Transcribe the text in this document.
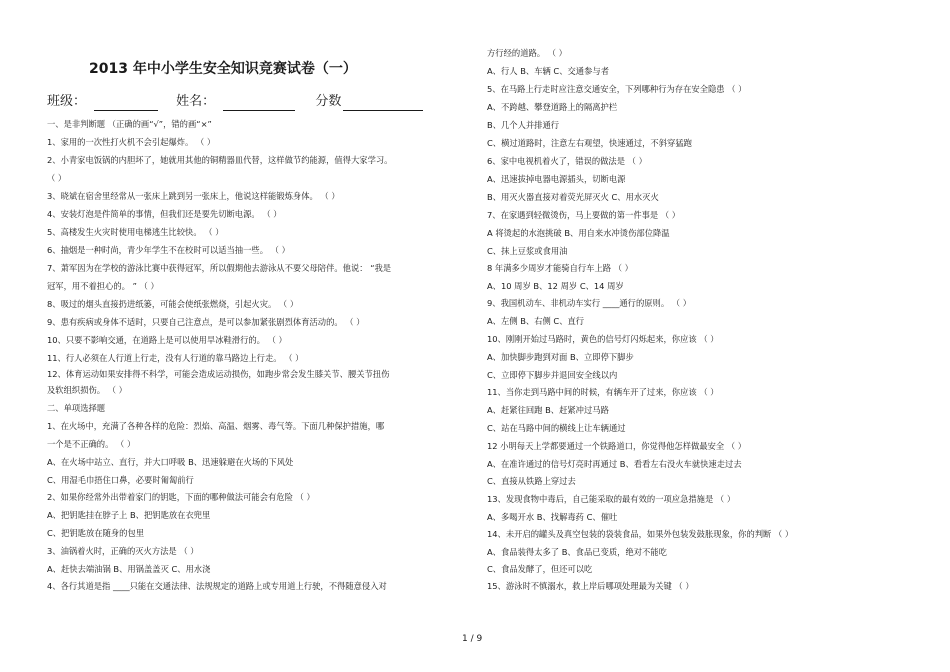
2013 年中小学生安全知识竞赛试卷（一）
班级：	姓名：	分数
一、是非判断题 （正确的画“√”，错的画“×”
1、家用的一次性打火机不会引起爆炸。 （ ）
2、小青家电饭锅的内胆坏了，她就用其他的铜精器皿代替，这样做节约能源，值得大家学习。
（ ）
3、晓斌在宿舍里经常从一张床上跳到另一张床上，他说这样能锻炼身体。 （ ）
4、安装灯泡是件简单的事情，但我们还是要先切断电源。 （ ）
5、高楼发生火灾时使用电梯逃生比较快。 （ ）
6、抽烟是一种时尚，青少年学生不在校时可以适当抽一些。 （ ）
7、萧军因为在学校的游泳比赛中获得冠军，所以假期他去游泳从不要父母陪伴。他说： “我是
冠军，用不着担心的。 ” （ ）
8、吸过的烟头直接扔进纸篓，可能会使纸张燃烧，引起火灾。 （ ）
9、患有疾病或身体不适时，只要自己注意点，是可以参加紧张剧烈体育活动的。 （ ）
10、只要不影响交通，在道路上是可以使用旱冰鞋滑行的。 （ ）
11、行人必须在人行道上行走，没有人行道的靠马路边上行走。 （ ）
12、体育运动如果安排得不科学，可能会造成运动损伤，如跑步常会发生膝关节、腰关节扭伤
及软组织损伤。 （ ）
二、单项选择题
1、在火场中，充满了各种各样的危险：烈焰、高温、烟雾、毒气等。下面几种保护措施，哪
一个是不正确的。 （ ）
A、在火场中站立、直行，并大口呼吸 B、迅速躲避在火场的下风处
C、用湿毛巾捂住口鼻，必要时匍匐前行
2、如果你经常外出带着家门的钥匙，下面的哪种做法可能会有危险 （ ）
A、把钥匙挂在脖子上 B、把钥匙放在衣兜里
C、把钥匙放在随身的包里
3、油锅着火时，正确的灭火方法是 （ ）
A、赶快去端油锅 B、用锅盖盖灭 C、用水浇
4、各行其道是指 ____只能在交通法律、法规规定的道路上或专用道上行驶，不得随意侵入对
方行经的道路。 （ ）
A、行人 B、车辆 C、交通参与者
5、在马路上行走时应注意交通安全，下列哪种行为存在安全隐患 （ ）
A、不跨越、攀登道路上的隔离护栏
B、几个人并排通行
C、横过道路时，注意左右观望，快速通过，不斜穿猛跑
6、家中电视机着火了，错误的做法是 （ ）
A、迅速拔掉电器电源插头，切断电源
B、用灭火器直接对着荧光屏灭火 C、用水灭火
7、在家遇到轻微烫伤，马上要做的第一件事是 （ ）
A 将烫起的水泡挑破 B、用自来水冲烫伤部位降温
C、抹上豆浆或食用油
8 年满多少周岁才能骑自行车上路 （ ）
A、10 周岁 B、12 周岁 C、14 周岁
9、我国机动车、非机动车实行 ____通行的原则。 （ ）
A、左侧 B、右侧 C、直行
10、刚刚开始过马路时，黄色的信号灯闪烁起来，你应该 （ ）
A、加快脚步跑到对面 B、立即停下脚步
C、立即停下脚步并退回安全线以内
11、当你走到马路中间的时候，有辆车开了过来，你应该 （ ）
A、赶紧往回跑 B、赶紧冲过马路
C、站在马路中间的横线上让车辆通过
12 小明每天上学都要通过一个铁路道口，你觉得他怎样做最安全 （ ）
A、在准许通过的信号灯亮时再通过 B、看看左右没火车就快速走过去
C、直接从铁路上穿过去
13、发现食物中毒后，自己能采取的最有效的一项应急措施是 （ ）
A、多喝开水 B、找解毒药 C、催吐
14、未开启的罐头及真空包装的袋装食品，如果外包装发鼓胀现象，你的判断 （ ）
A、食品装得太多了 B、食品已变质，绝对不能吃
C、食品发酵了，但还可以吃
15、游泳时不慎溺水，救上岸后哪项处理最为关键 （ ）
1 / 9
